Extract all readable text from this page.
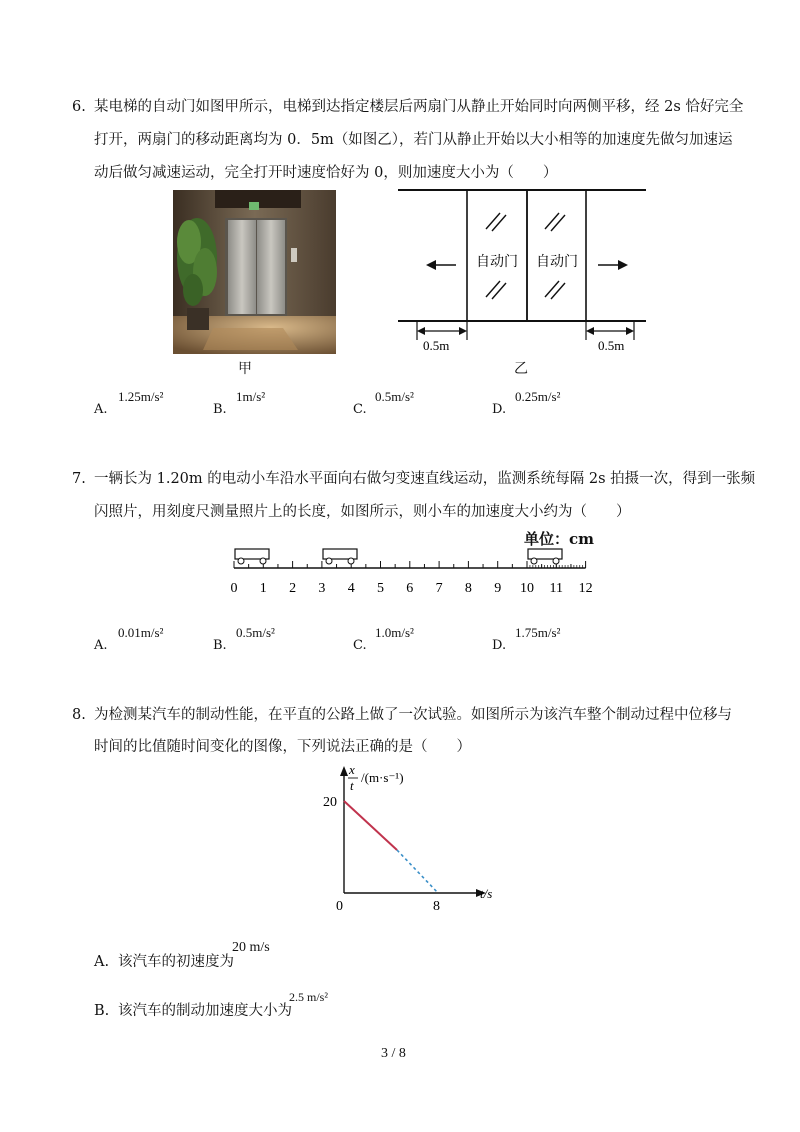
6. 某电梯的自动门如图甲所示，电梯到达指定楼层后两扇门从静止开始同时向两侧平移，经 2s 恰好完全
打开，两扇门的移动距离均为 0．5m（如图乙），若门从静止开始以大小相等的加速度先做匀加速运
动后做匀减速运动，完全打开时速度恰好为 0，则加速度大小为（　　）
甲
自动门 自动门
0.5m	0.5m
乙
A.
1.25m/s²
B.
1m/s²
C.
0.5m/s²
D.
0.25m/s²
7. 一辆长为 1.20m 的电动小车沿水平面向右做匀变速直线运动，监测系统每隔 2s 拍摄一次，得到一张频
闪照片，用刻度尺测量照片上的长度，如图所示，则小车的加速度大小约为（　　）
单位：cm
0 1 2 3 4 5 6 7 8 9 10 11 12
A.
0.01m/s²
B.
0.5m/s²
C.
1.0m/s²
D.
1.75m/s²
8. 为检测某汽车的制动性能，在平直的公路上做了一次试验。如图所示为该汽车整个制动过程中位移与
时间的比值随时间变化的图像，下列说法正确的是（　　）
x
t
/(m·s⁻¹)
t/s
20
0	8
A. 该汽车的初速度为
20 m/s
B. 该汽车的制动加速度大小为
2.5 m/s²
3 / 8
